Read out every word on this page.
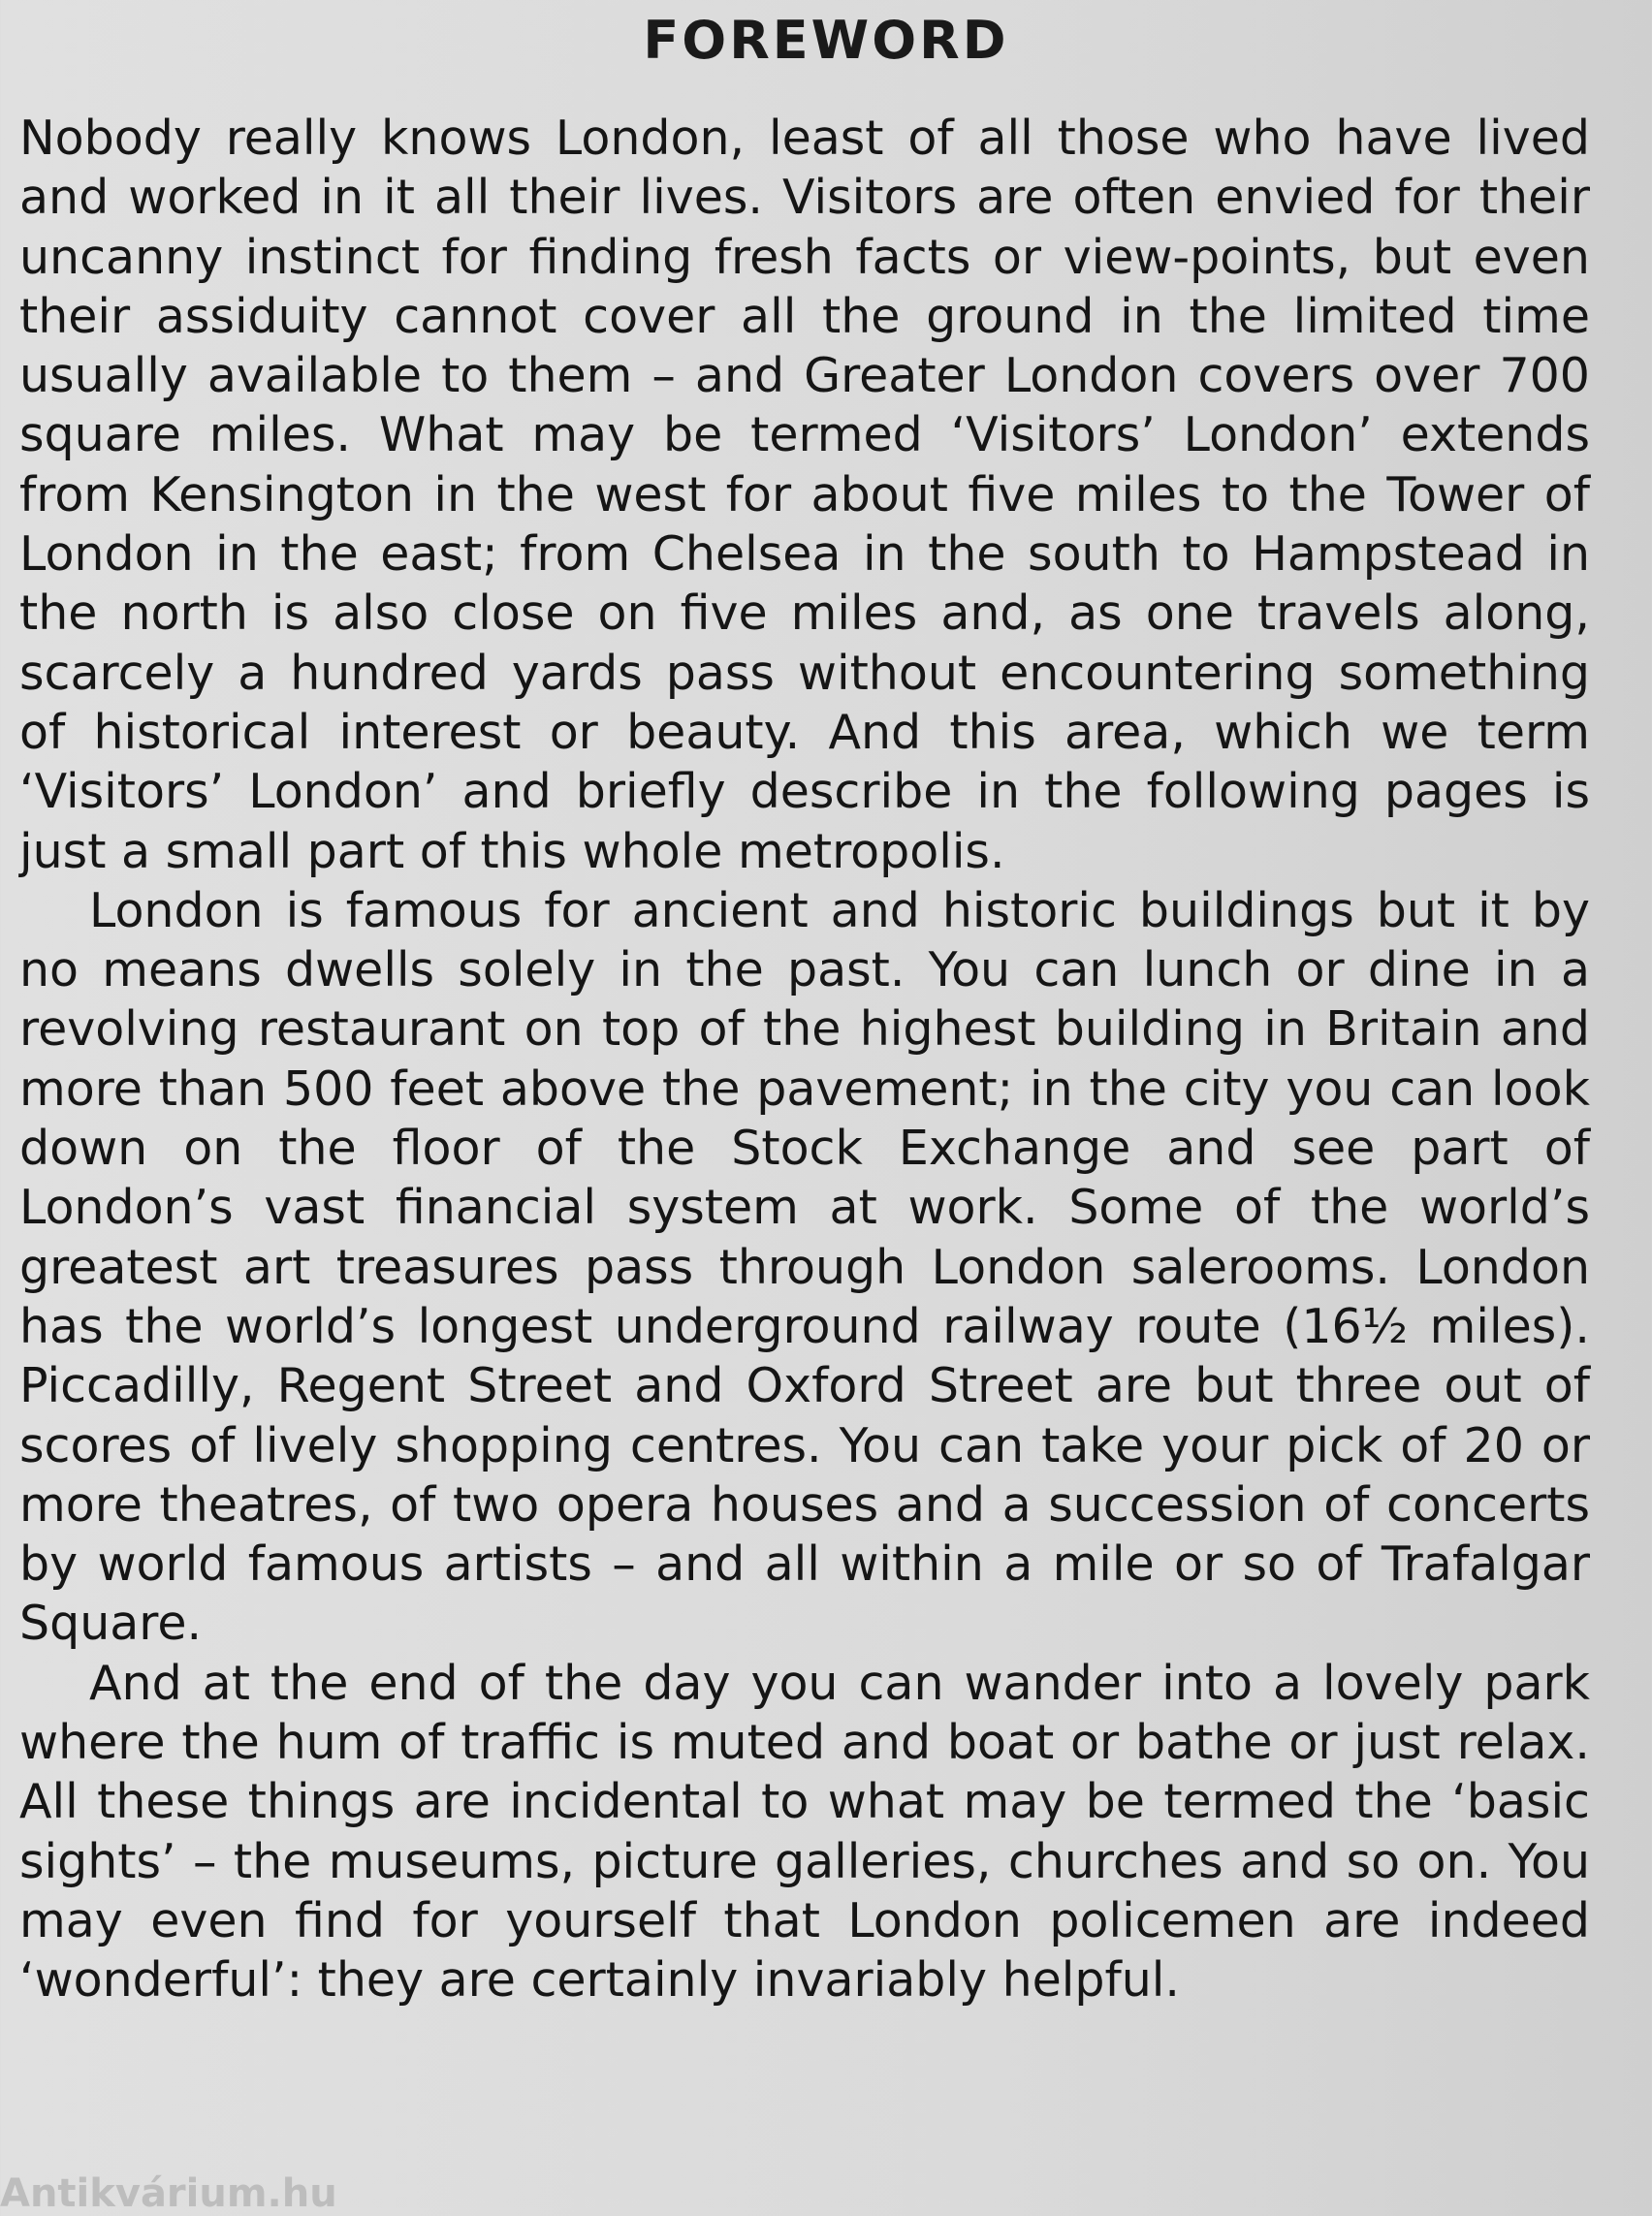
FOREWORD

Nobody really knows London, least of all those who have lived and worked in it all their lives. Visitors are often envied for their uncanny instinct for finding fresh facts or view-points, but even their assiduity cannot cover all the ground in the limited time usually available to them – and Greater London covers over 700 square miles. What may be termed ‘Visitors’ London’ extends from Kensington in the west for about five miles to the Tower of London in the east; from Chelsea in the south to Hampstead in the north is also close on five miles and, as one travels along, scarcely a hundred yards pass without encountering something of historical interest or beauty. And this area, which we term ‘Visitors’ London’ and briefly describe in the following pages is just a small part of this whole metropolis.

London is famous for ancient and historic buildings but it by no means dwells solely in the past. You can lunch or dine in a revolving restaurant on top of the highest building in Britain and more than 500 feet above the pavement; in the city you can look down on the floor of the Stock Exchange and see part of London’s vast financial system at work. Some of the world’s greatest art treasures pass through London salerooms. London has the world’s longest underground railway route (16½ miles). Piccadilly, Regent Street and Oxford Street are but three out of scores of lively shopping centres. You can take your pick of 20 or more theatres, of two opera houses and a succession of concerts by world famous artists – and all within a mile or so of Trafalgar Square.

And at the end of the day you can wander into a lovely park where the hum of traffic is muted and boat or bathe or just relax. All these things are incidental to what may be termed the ‘basic sights’ – the museums, picture galleries, churches and so on. You may even find for yourself that London policemen are indeed ‘wonderful’: they are certainly invariably helpful.

Antikvárium.hu
